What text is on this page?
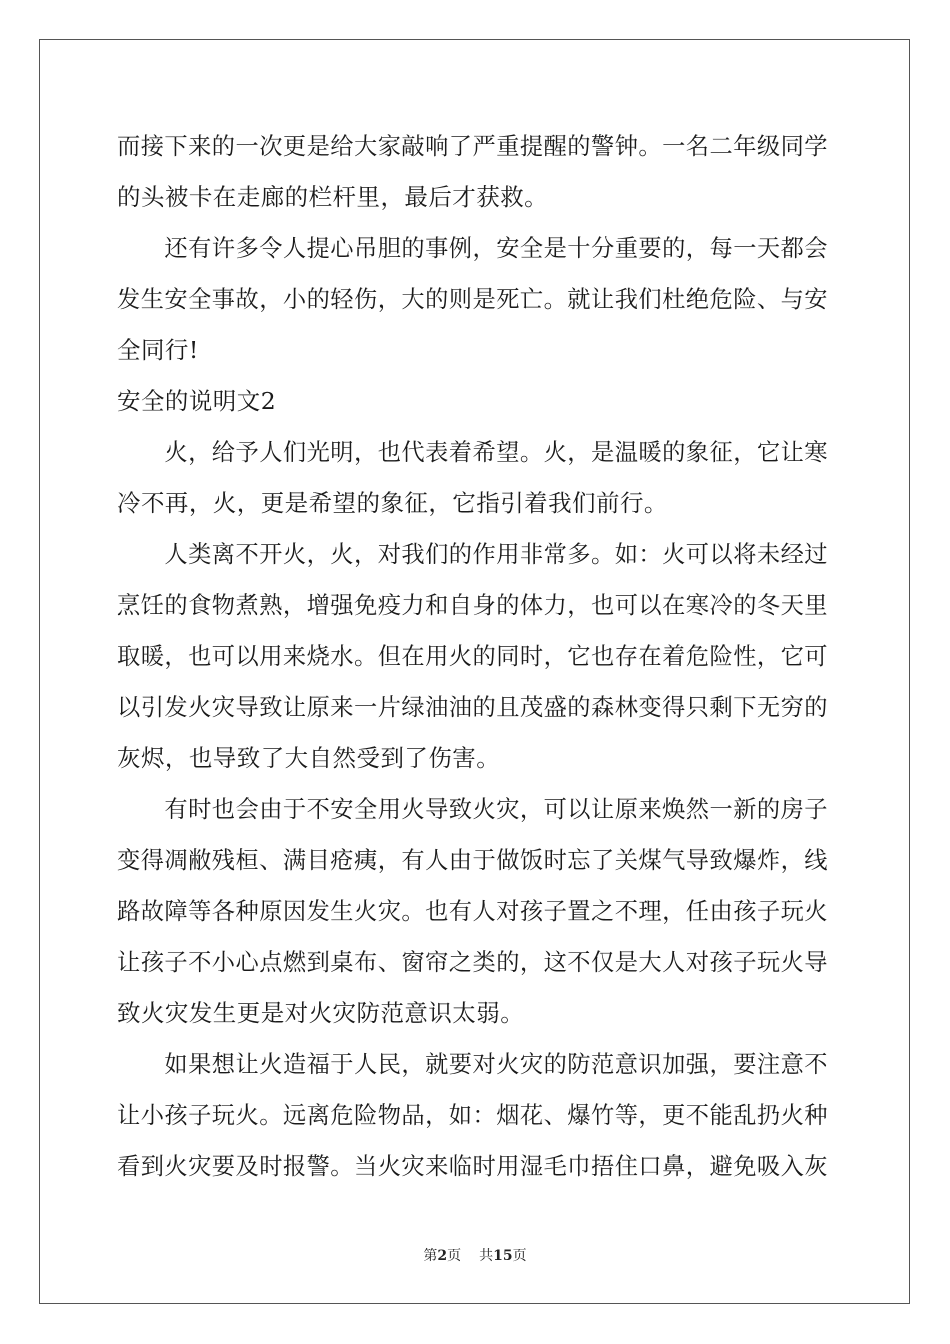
而接下来的一次更是给大家敲响了严重提醒的警钟。一名二年级同学
的头被卡在走廊的栏杆里，最后才获救。
　　还有许多令人提心吊胆的事例，安全是十分重要的，每一天都会
发生安全事故，小的轻伤，大的则是死亡。就让我们杜绝危险、与安
全同行!
安全的说明文2
　　火，给予人们光明，也代表着希望。火，是温暖的象征，它让寒
冷不再，火，更是希望的象征，它指引着我们前行。
　　人类离不开火，火，对我们的作用非常多。如：火可以将未经过
烹饪的食物煮熟，增强免疫力和自身的体力，也可以在寒冷的冬天里
取暖，也可以用来烧水。但在用火的同时，它也存在着危险性，它可
以引发火灾导致让原来一片绿油油的且茂盛的森林变得只剩下无穷的
灰烬，也导致了大自然受到了伤害。
　　有时也会由于不安全用火导致火灾，可以让原来焕然一新的房子
变得凋敝残桓、满目疮痍，有人由于做饭时忘了关煤气导致爆炸，线
路故障等各种原因发生火灾。也有人对孩子置之不理，任由孩子玩火
让孩子不小心点燃到桌布、窗帘之类的，这不仅是大人对孩子玩火导
致火灾发生更是对火灾防范意识太弱。
　　如果想让火造福于人民，就要对火灾的防范意识加强，要注意不
让小孩子玩火。远离危险物品，如：烟花、爆竹等，更不能乱扔火种
看到火灾要及时报警。当火灾来临时用湿毛巾捂住口鼻，避免吸入灰
第2页 共15页
